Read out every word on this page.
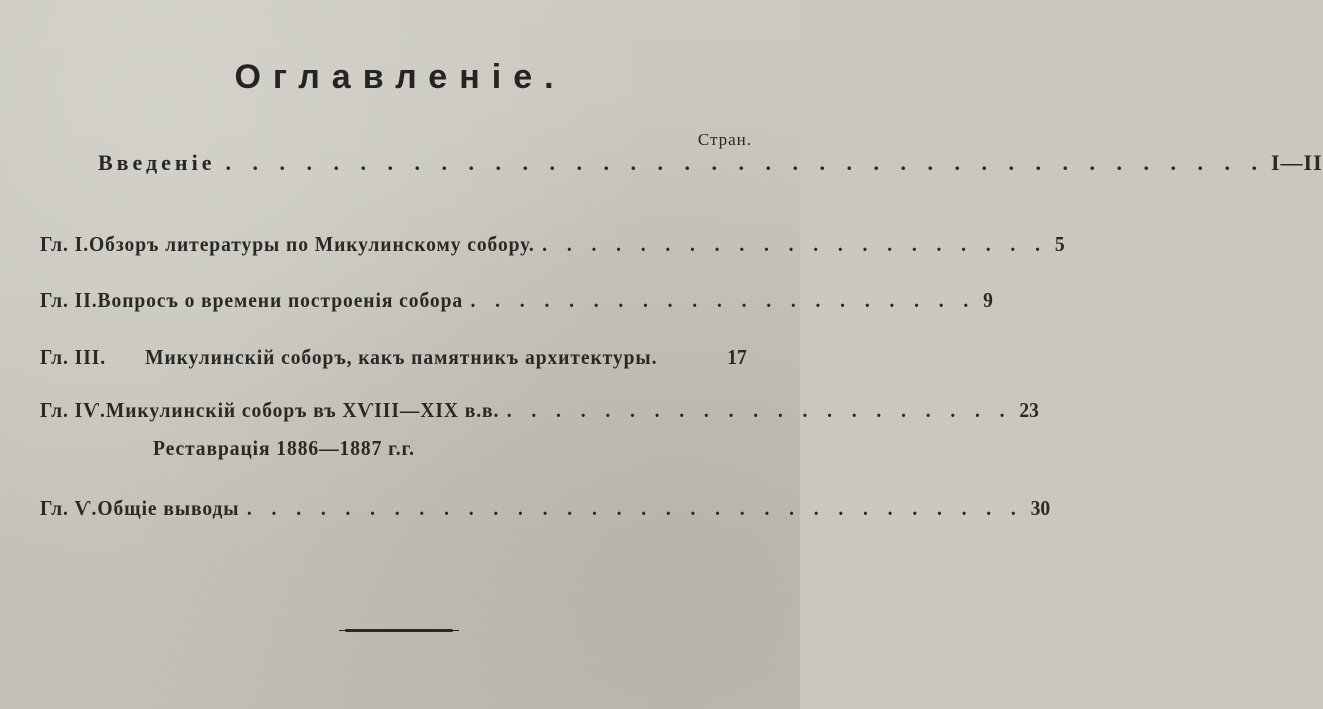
Оглавленiе.
Стран.
Введенiе . . . . . . . . . . . . . . . . . . . . . . . . . . . . . . . . . . . . . . . I—II
Гл. I. Обзоръ литературы по Микулинскому собору. . . . . . . . . . . . . . . . . . . . . . 5
Гл. II. Вопросъ о времени построенiя собора . . . . . . . . . . . . . . . . . . . . . 9
Гл. III.	Микулинскiй соборъ, какъ памятникъ архитектуры.	17
Гл. IѴ. Микулинскiй соборъ въ XѴIII—XIX в.в. . . . . . . . . . . . . . . . . . . . . . 23
Реставрацiя 1886—1887 г.г.
Гл. Ѵ. Общiе выводы . . . . . . . . . . . . . . . . . . . . . . . . . . . . . . . . 30
